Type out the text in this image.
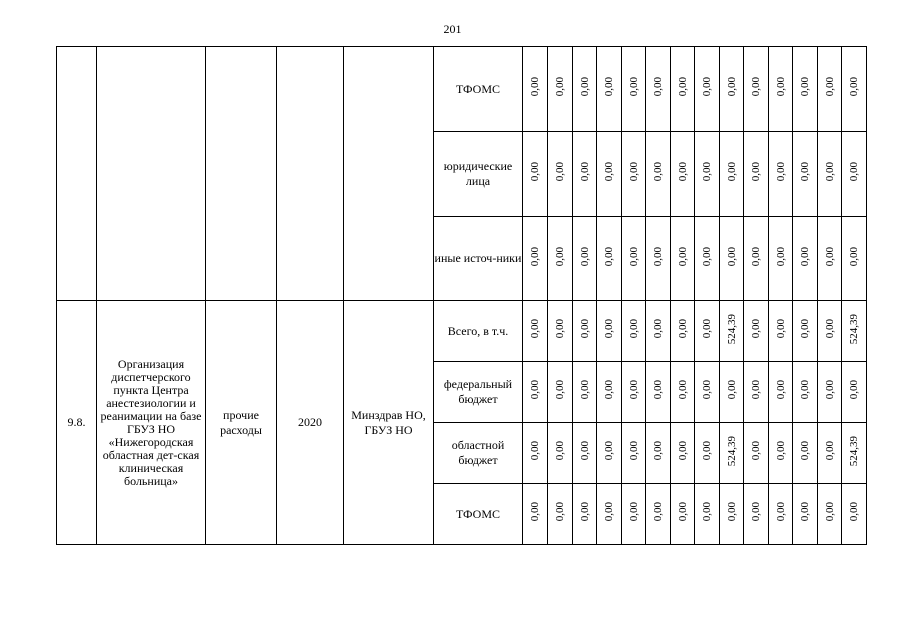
201
					ТФОМС	0,00	0,00	0,00	0,00	0,00	0,00	0,00	0,00	0,00	0,00	0,00	0,00	0,00	0,00
					юридические лица	0,00	0,00	0,00	0,00	0,00	0,00	0,00	0,00	0,00	0,00	0,00	0,00	0,00	0,00
					иные источ-ники	0,00	0,00	0,00	0,00	0,00	0,00	0,00	0,00	0,00	0,00	0,00	0,00	0,00	0,00
9.8.	Организация диспетчерского пункта Центра анестезиологии и реанимации на базе ГБУЗ НО «Нижегородская областная дет-ская клиническая больница»	прочие расходы	2020	Минздрав НО, ГБУЗ НО	Всего, в т.ч.	0,00	0,00	0,00	0,00	0,00	0,00	0,00	0,00	524,39	0,00	0,00	0,00	0,00	524,39
					федеральный бюджет	0,00	0,00	0,00	0,00	0,00	0,00	0,00	0,00	0,00	0,00	0,00	0,00	0,00	0,00
					областной бюджет	0,00	0,00	0,00	0,00	0,00	0,00	0,00	0,00	524,39	0,00	0,00	0,00	0,00	524,39
					ТФОМС	0,00	0,00	0,00	0,00	0,00	0,00	0,00	0,00	0,00	0,00	0,00	0,00	0,00	0,00
